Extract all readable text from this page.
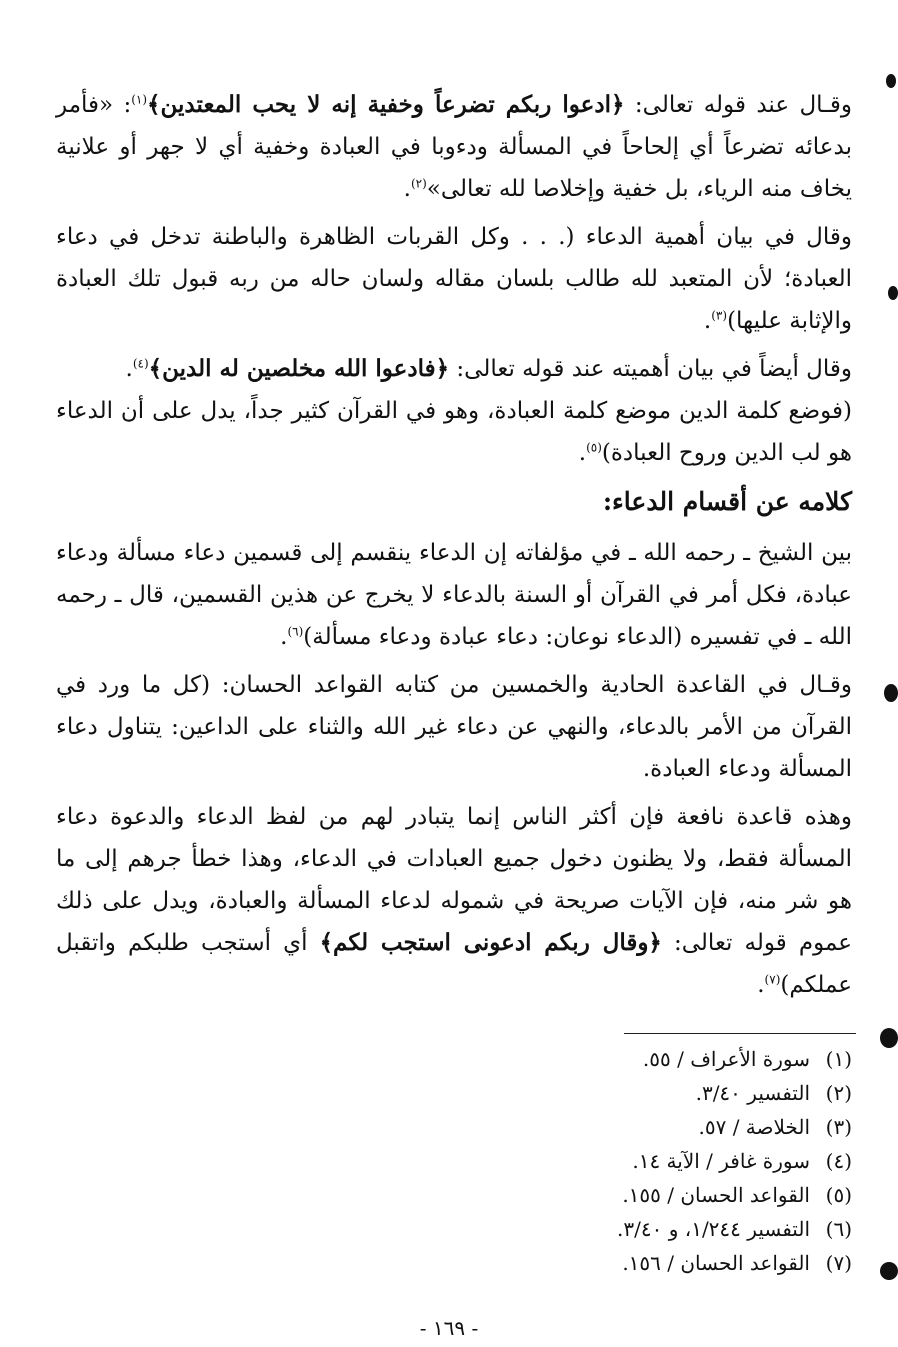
وقـال عند قوله تعالى: ﴿ادعوا ربكم تضرعاً وخفية إنه لا يحب المعتدين﴾$^{(١)}$: «فأمر بدعائه تضرعاً أي إلحاحاً في المسألة ودءوبا في العبادة وخفية أي لا جهر أو علانية يخاف منه الرياء، بل خفية وإخلاصا لله تعالى»$^{(٢)}$.

وقال في بيان أهمية الدعاء (. . . وكل القربات الظاهرة والباطنة تدخل في دعاء العبادة؛ لأن المتعبد لله طالب بلسان مقاله ولسان حاله من ربه قبول تلك العبادة والإثابة عليها)$^{(٣)}$.

وقال أيضاً في بيان أهميته عند قوله تعالى: ﴿فادعوا الله مخلصين له الدين﴾$^{(٤)}$.

(فوضع كلمة الدين موضع كلمة العبادة، وهو في القرآن كثير جداً، يدل على أن الدعاء هو لب الدين وروح العبادة)$^{(٥)}$.

كلامه عن أقسام الدعاء:

بين الشيخ ـ رحمه الله ـ في مؤلفاته إن الدعاء ينقسم إلى قسمين دعاء مسألة ودعاء عبادة، فكل أمر في القرآن أو السنة بالدعاء لا يخرج عن هذين القسمين، قال ـ رحمه الله ـ في تفسيره (الدعاء نوعان: دعاء عبادة ودعاء مسألة)$^{(٦)}$.

وقـال في القاعدة الحادية والخمسين من كتابه القواعد الحسان: (كل ما ورد في القرآن من الأمر بالدعاء، والنهي عن دعاء غير الله والثناء على الداعين: يتناول دعاء المسألة ودعاء العبادة.

وهذه قاعدة نافعة فإن أكثر الناس إنما يتبادر لهم من لفظ الدعاء والدعوة دعاء المسألة فقط، ولا يظنون دخول جميع العبادات في الدعاء، وهذا خطأ جرهم إلى ما هو شر منه، فإن الآيات صريحة في شموله لدعاء المسألة والعبادة، ويدل على ذلك عموم قوله تعالى: ﴿وقال ربكم ادعونى استجب لكم﴾ أي أستجب طلبكم واتقبل عملكم)$^{(٧)}$.

(١)سورة الأعراف / ٥٥.
(٢)التفسير ٣/٤٠.
(٣)الخلاصة / ٥٧.
(٤)سورة غافر / الآية ١٤.
(٥)القواعد الحسان / ١٥٥.
(٦)التفسير ١/٢٤٤، و ٣/٤٠.
(٧)القواعد الحسان / ١٥٦.
- ١٦٩ -
